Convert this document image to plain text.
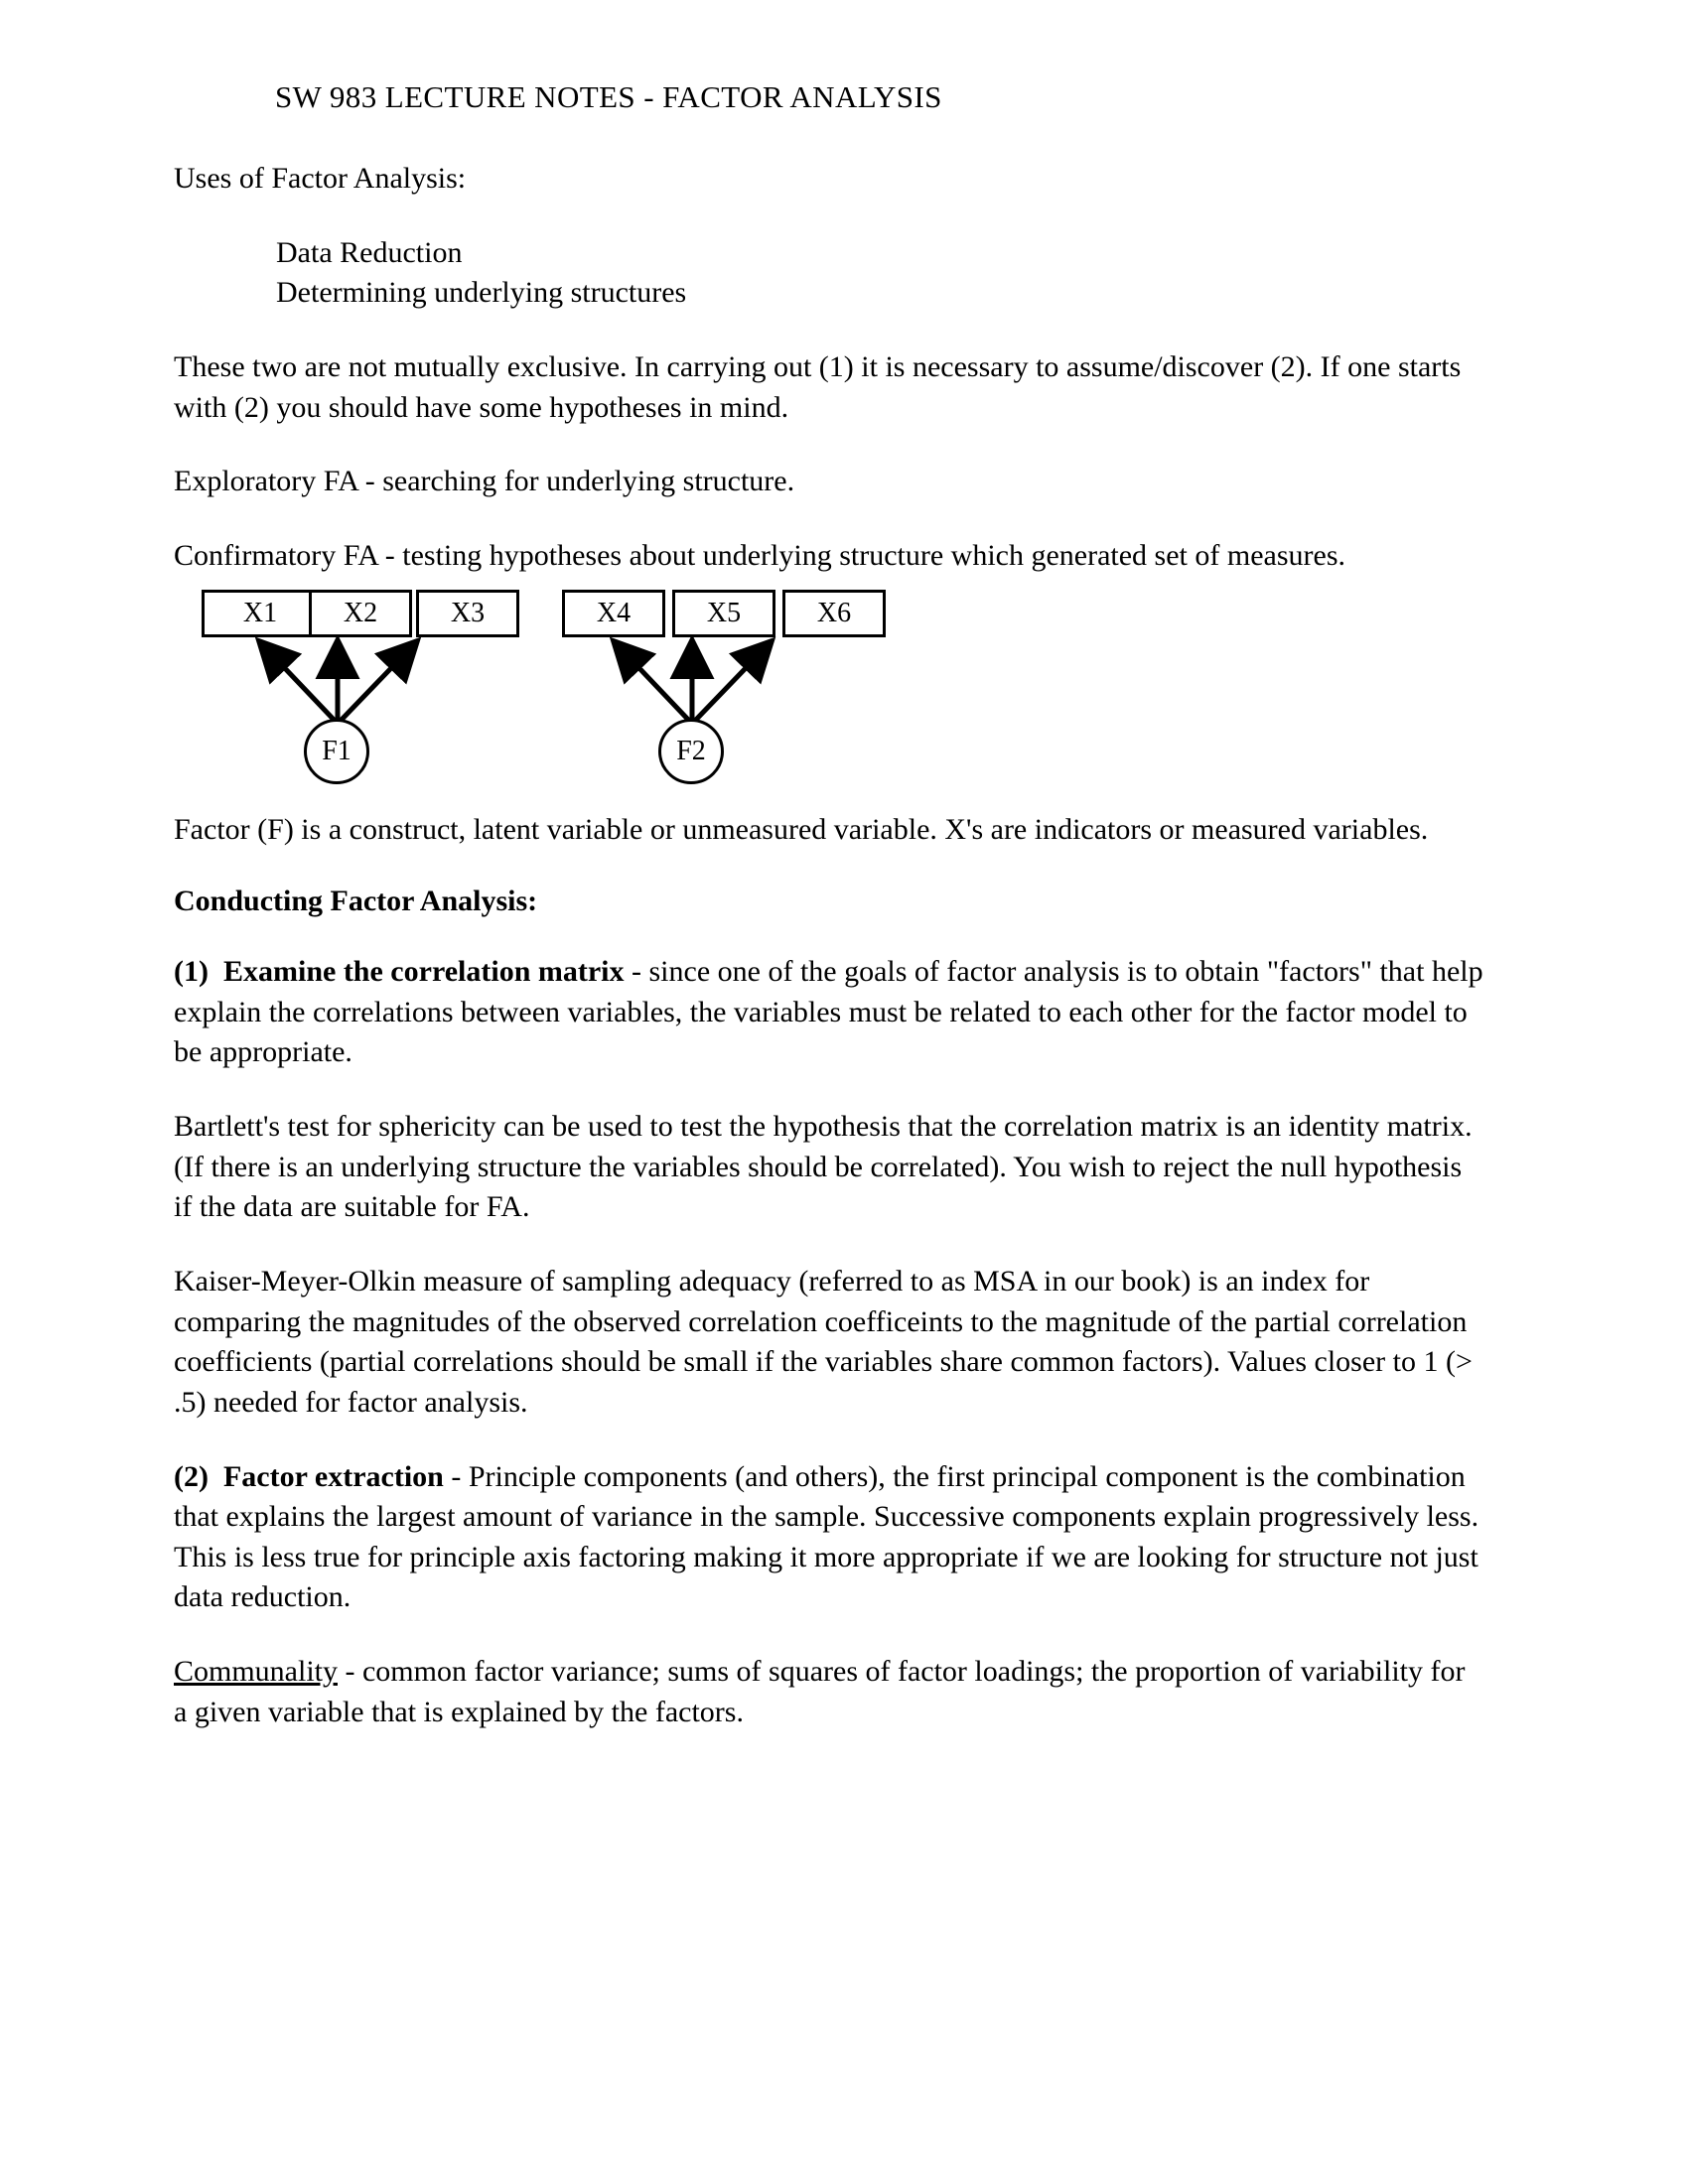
SW 983 LECTURE NOTES - FACTOR ANALYSIS

Uses of Factor Analysis:

Data Reduction
Determining underlying structures

These two are not mutually exclusive. In carrying out (1) it is necessary to assume/discover (2). If one starts with (2) you should have some hypotheses in mind.

Exploratory FA - searching for underlying structure.

Confirmatory FA - testing hypotheses about underlying structure which generated set of measures.

X1 X2	X3	X4	X5	X6
F1	F2

Factor (F) is a construct, latent variable or unmeasured variable. X's are indicators or measured variables.

Conducting Factor Analysis:

(1) Examine the correlation matrix - since one of the goals of factor analysis is to obtain "factors" that help explain the correlations between variables, the variables must be related to each other for the factor model to be appropriate.

Bartlett's test for sphericity can be used to test the hypothesis that the correlation matrix is an identity matrix. (If there is an underlying structure the variables should be correlated). You wish to reject the null hypothesis if the data are suitable for FA.

Kaiser-Meyer-Olkin measure of sampling adequacy (referred to as MSA in our book) is an index for comparing the magnitudes of the observed correlation coefficeints to the magnitude of the partial correlation coefficients (partial correlations should be small if the variables share common factors). Values closer to 1 (> .5) needed for factor analysis.

(2) Factor extraction - Principle components (and others), the first principal component is the combination that explains the largest amount of variance in the sample. Successive components explain progressively less. This is less true for principle axis factoring making it more appropriate if we are looking for structure not just data reduction.

Communality - common factor variance; sums of squares of factor loadings; the proportion of variability for a given variable that is explained by the factors.
